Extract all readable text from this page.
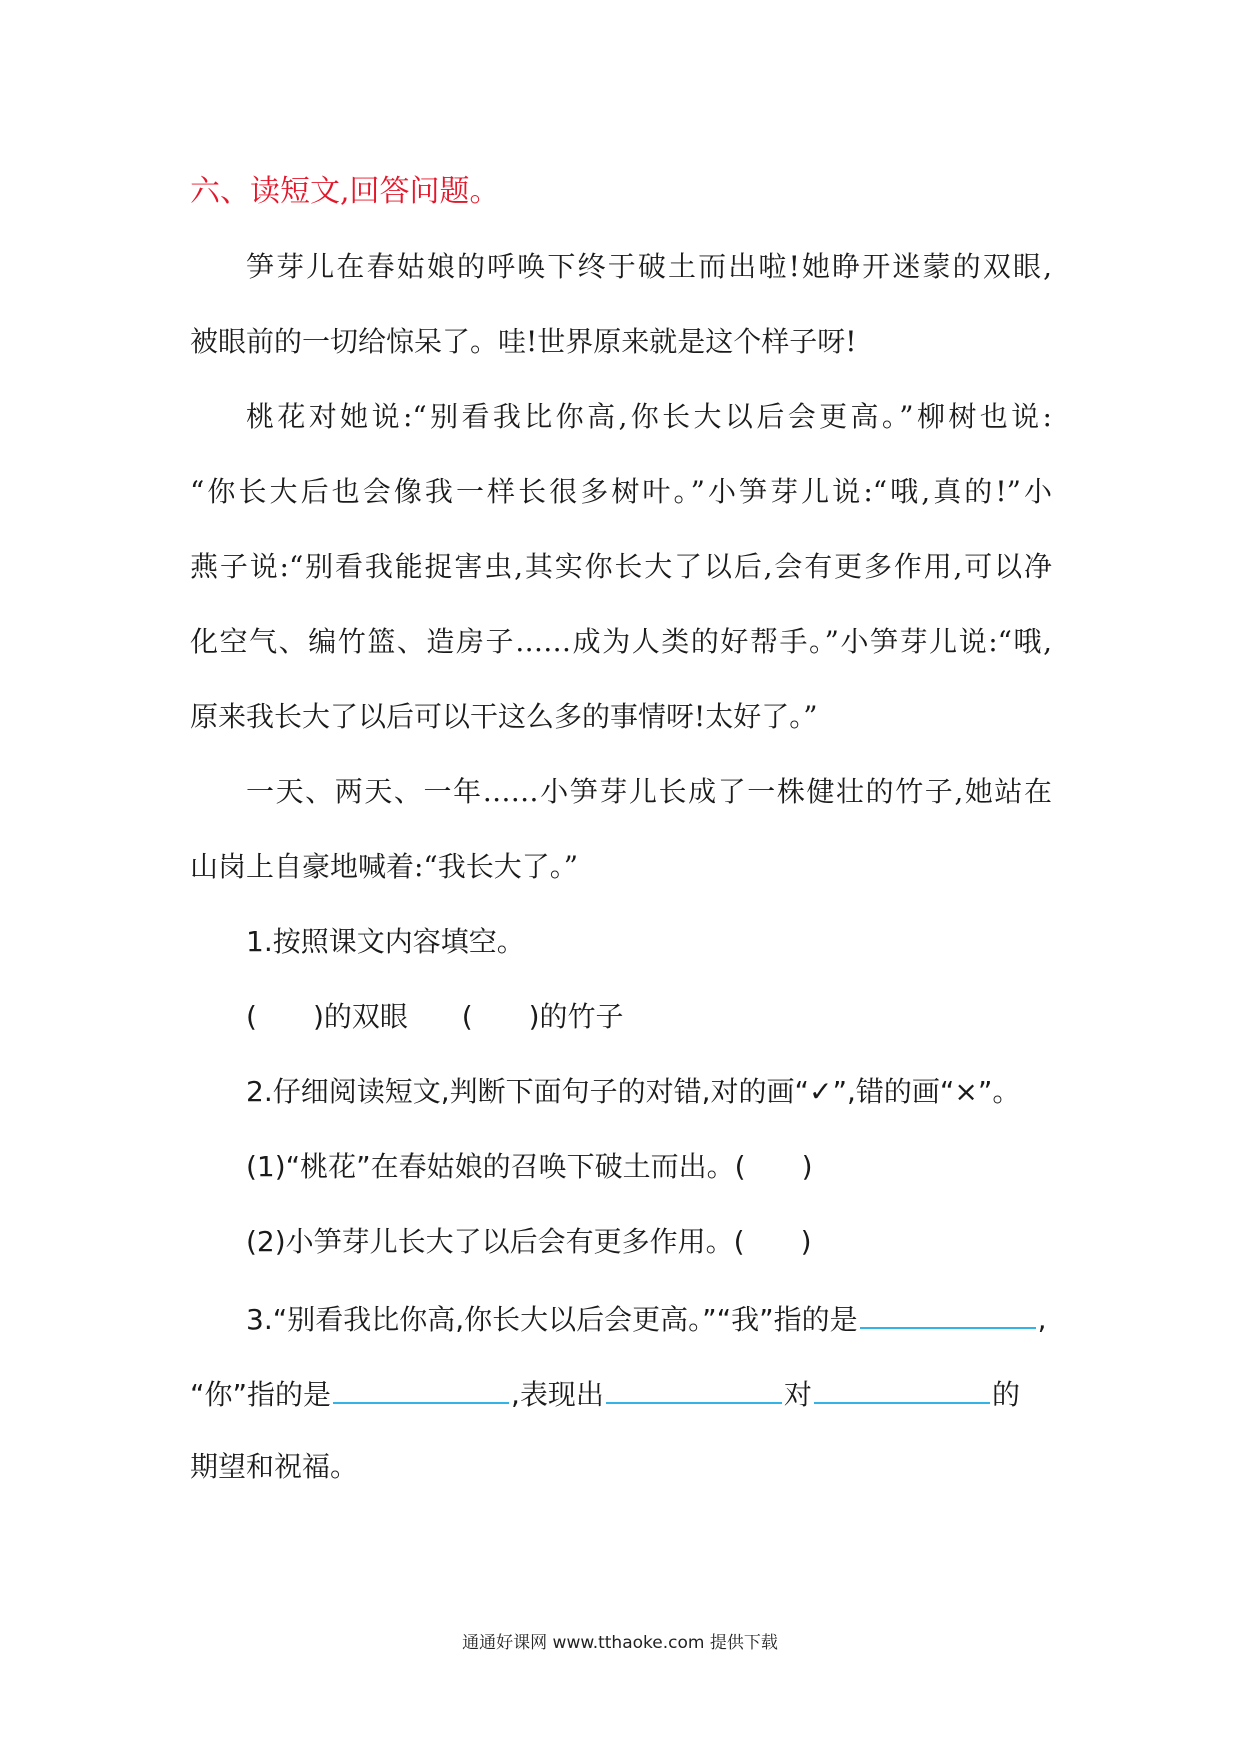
六、读短文,回答问题。
笋芽儿在春姑娘的呼唤下终于破土而出啦!她睁开迷蒙的双眼,
被眼前的一切给惊呆了。哇!世界原来就是这个样子呀!
桃花对她说:“别看我比你高,你长大以后会更高。”柳树也说:
“你长大后也会像我一样长很多树叶。”小笋芽儿说:“哦,真的!”小
燕子说:“别看我能捉害虫,其实你长大了以后,会有更多作用,可以净
化空气、编竹篮、造房子……成为人类的好帮手。”小笋芽儿说:“哦,
原来我长大了以后可以干这么多的事情呀!太好了。”
一天、两天、一年……小笋芽儿长成了一株健壮的竹子,她站在
山岗上自豪地喊着:“我长大了。”
1.按照课文内容填空。
( )的双眼 ( )的竹子
2.仔细阅读短文,判断下面句子的对错,对的画“✓”,错的画“×”。
(1)“桃花”在春姑娘的召唤下破土而出。( )
(2)小笋芽儿长大了以后会有更多作用。( )
3.“别看我比你高,你长大以后会更高。”“我”指的是	,
“你”指的是	,表现出	对	的
期望和祝福。
通通好课网 www.tthaoke.com 提供下载
